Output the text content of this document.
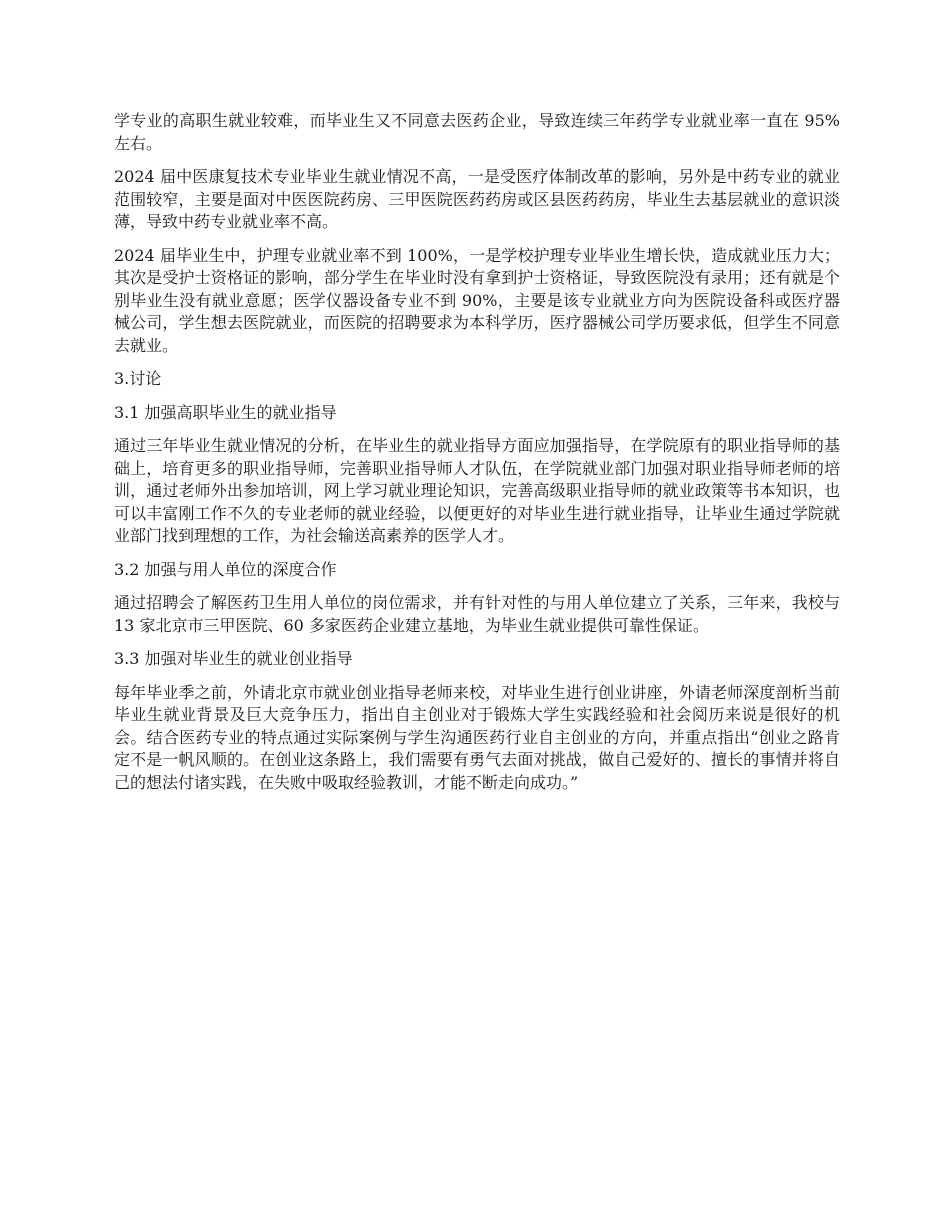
学专业的高职生就业较难，而毕业生又不同意去医药企业，导致连续三年药学专业就业率一直在 95%左右。

2024 届中医康复技术专业毕业生就业情况不高，一是受医疗体制改革的影响，另外是中药专业的就业范围较窄，主要是面对中医医院药房、三甲医院医药药房或区县医药药房，毕业生去基层就业的意识淡薄，导致中药专业就业率不高。

2024 届毕业生中，护理专业就业率不到 100%，一是学校护理专业毕业生增长快，造成就业压力大；其次是受护士资格证的影响，部分学生在毕业时没有拿到护士资格证，导致医院没有录用；还有就是个别毕业生没有就业意愿；医学仪器设备专业不到 90%，主要是该专业就业方向为医院设备科或医疗器械公司，学生想去医院就业，而医院的招聘要求为本科学历，医疗器械公司学历要求低，但学生不同意去就业。

3.讨论

3.1 加强高职毕业生的就业指导

通过三年毕业生就业情况的分析，在毕业生的就业指导方面应加强指导，在学院原有的职业指导师的基础上，培育更多的职业指导师，完善职业指导师人才队伍，在学院就业部门加强对职业指导师老师的培训，通过老师外出参加培训，网上学习就业理论知识，完善高级职业指导师的就业政策等书本知识，也可以丰富刚工作不久的专业老师的就业经验，以便更好的对毕业生进行就业指导，让毕业生通过学院就业部门找到理想的工作，为社会输送高素养的医学人才。

3.2 加强与用人单位的深度合作

通过招聘会了解医药卫生用人单位的岗位需求，并有针对性的与用人单位建立了关系，三年来，我校与 13 家北京市三甲医院、60 多家医药企业建立基地，为毕业生就业提供可靠性保证。

3.3 加强对毕业生的就业创业指导

每年毕业季之前，外请北京市就业创业指导老师来校，对毕业生进行创业讲座，外请老师深度剖析当前毕业生就业背景及巨大竞争压力，指出自主创业对于锻炼大学生实践经验和社会阅历来说是很好的机会。结合医药专业的特点通过实际案例与学生沟通医药行业自主创业的方向，并重点指出“创业之路肯定不是一帆风顺的。在创业这条路上，我们需要有勇气去面对挑战，做自己爱好的、擅长的事情并将自己的想法付诸实践，在失败中吸取经验教训，才能不断走向成功。”
